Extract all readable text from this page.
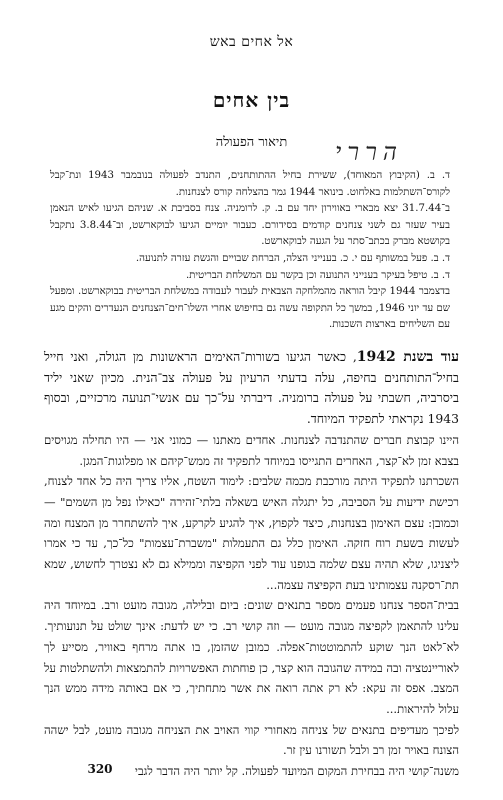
אל אחים באש
בין אחים
תיאור הפעולה	הררי

ד. ב. (הקיבוץ המאוחד), ששירת בחיל ההתותחנים, התנדב לפעולה בנובמבר 1943 ונת־קבל לקורס־השתלמות באלחוט. בינואר 1944 גמר בהצלחה קורס לצנחנות.

ב־31.7.44 יצא מבארי באווירון יחד עם ב. ק. לרומניה. צנח בסביבת א. שניהם הגיעו לאיש הנאמן בעיר שעזר גם לשני צנחנים קודמים בסידורם. כעבור יומיים הגיעו לבוקארשט, וב־3.8.44 נתקבל בקושטא מברק בכתב־סתר על הגעה לבוקארשט.

ד. ב. פעל במשותף עם י. כ. בענייני הצלה, הברחת שבויים והגשת עזרה לתנועה.

ד. ב. טיפל בעיקר בענייני התנועה וכן בקשר עם המשלחת הבריטית.

בדצמבר 1944 קיבל הוראה מהמלחקה הצבאית לעבור לעבודה במשלחת הבריטית בבוקארשט. ומפעל שם עד יוני 1946, במשך כל התקופה עשה גם בחיפוש אחרי השלו־חים־הצנחנים הנעדרים והקים מגע עם השליחים בארצות השכנות.

עוד בשנת 1942, כאשר הגיעו בשורות־האימים הראשונות מן הגולה, ואני חייל בחיל־התותחנים בחיפה, עלה בדעתי הרעיון על פעולה צב־הנית. מכיון שאני יליד ביסרביה, חשבתי על פעולה ברומניה. דיברתי על־כך עם אנשי־תנועה מרכזיים, ובסוף 1943 נקראתי לתפקיד המיוחד.

היינו קבוצת חברים שהתנדבה לצנחנות. אחדים מאתנו — כמוני אני — היו תחילה מגויסים בצבא זמן לא־קצר, האחרים התגייסו במיוחד לתפקיד זה ממש־קיהם או מפלוגות־המגן.

השכרתנו לתפקיד היתה מורכבת מכמה שלבים: לימוד השטח, אליו צריך היה כל אחד לצנוח, רכישת ידיעות על הסביבה, כל יתגלה האיש בשאלה בלתי־זהירה "כאילו נפל מן השמים" — וכמובן: עצם האימון בצנחנות, כיצד לקפוץ, איך להגיע לקרקע, איך להשתחרר מן המצנח ומה לעשות בשעת רוח חזקה. האימון כלל גם התעמלות "משברת־עצמות" כל־כך, עד כי אמרו ליצניגו, שלא תהיה עצם שלמה בגופנו עוד לפני הקפיצה וממילא גם לא נצטרך לחשוש, שמא תת־רסקנה עצמותינו בעת הקפיצה עצמה...

בבית־הספר צנחנו פעמים מספר בתנאים שונים: ביום ובלילה, מגובה מועט ורב. במיוחד היה עלינו להתאמן לקפיצה מגובה מועט — וזה קושי רב. כי יש לדעת: אינך שולט על תנועותיך. לא־לאט הנך שוקע להתמוטטות־אפלה. כמובן שהזמן, בו אתה מרחף באוויר, מסייע לך לאוריינטציה ובה במידה שהגובה הוא קצר, כן פוחתות האפשרויות להתמצאות ולהשתלטות על המצב. אפס זה עקא: לא רק אתה רואה את אשר מתחתיך, כי אם באותה מידה ממש הנך עלול להיראות...

לפיכך מעדיפים בתנאים של צניחה מאחורי קווי האויב את הצניחה מגובה מועט, לבל ישהה הצונח באויר זמן רב ולבל תשורנו עין זר.

משנה־קושי היה בבחירת המקום המיועד לפעולה. קל יותר היה הדבר לגבי

320
